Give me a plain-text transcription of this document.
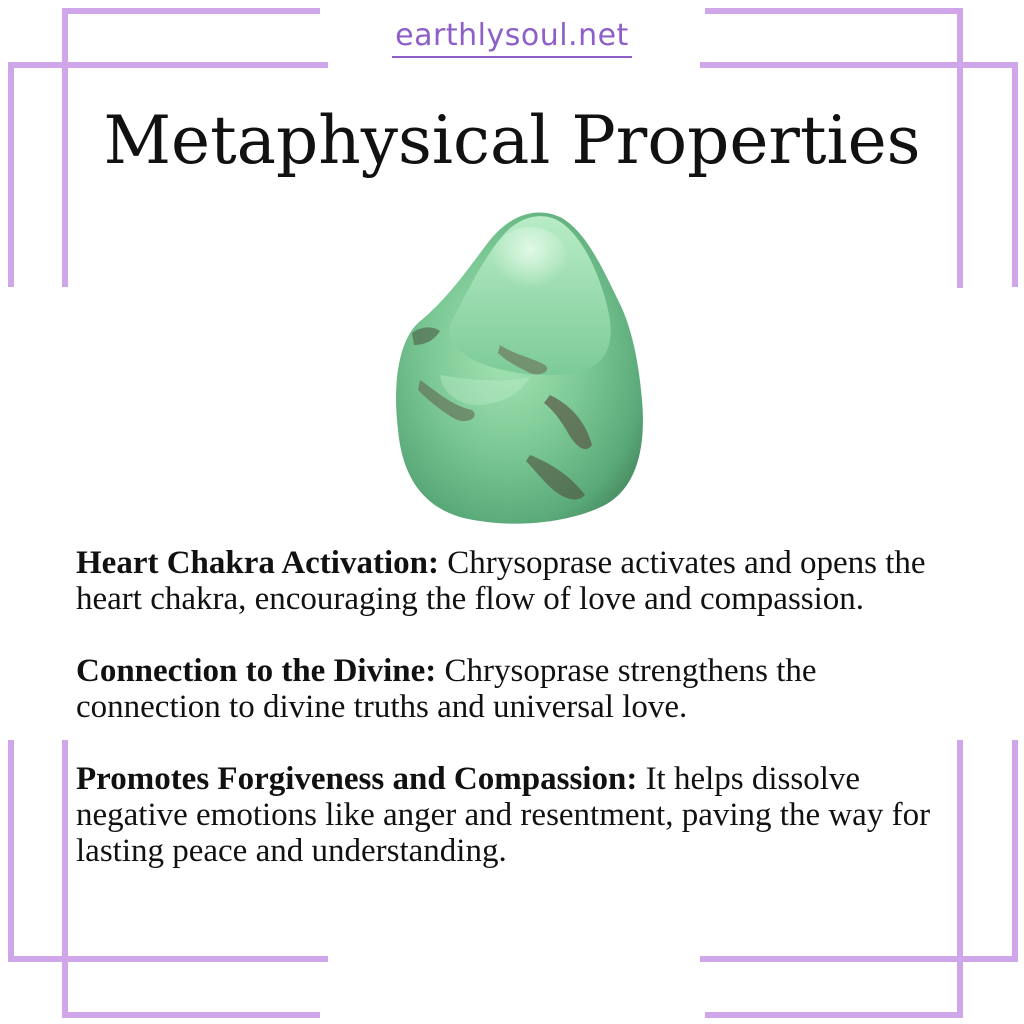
earthlysoul.net
Metaphysical Properties

Heart Chakra Activation: Chrysoprase activates and opens the heart chakra, encouraging the flow of love and compassion.

Connection to the Divine: Chrysoprase strengthens the connection to divine truths and universal love.

Promotes Forgiveness and Compassion: It helps dissolve negative emotions like anger and resentment, paving the way for lasting peace and understanding.
